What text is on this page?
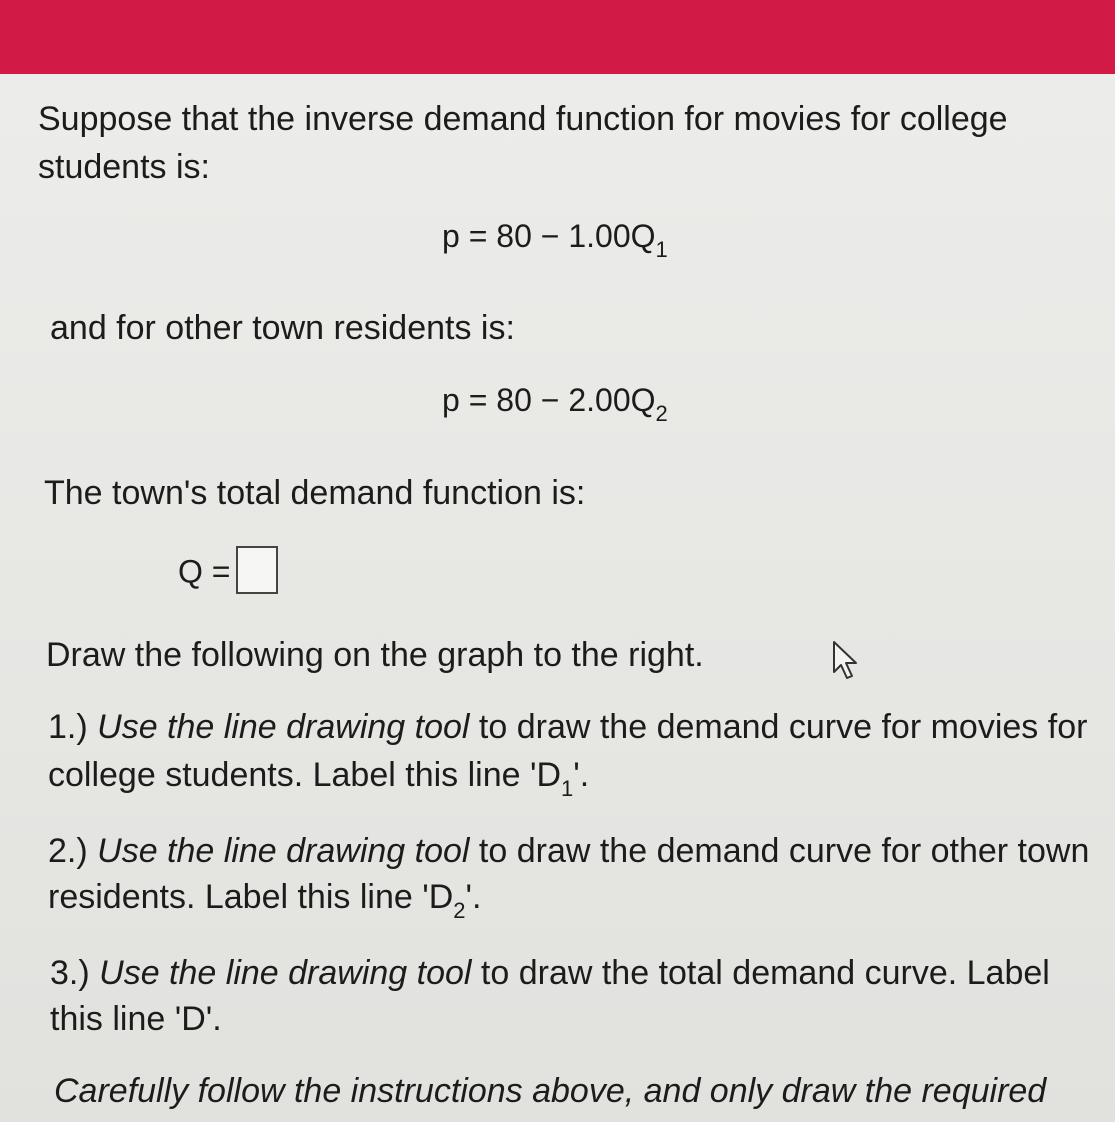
Suppose that the inverse demand function for movies for college
students is:
$p = 80 - 1.00Q_1$
and for other town residents is:
$p = 80 - 2.00Q_2$
The town's total demand function is:
Q =
Draw the following on the graph to the right.
1.) Use the line drawing tool to draw the demand curve for movies for
college students. Label this line '$D_1$'.
2.) Use the line drawing tool to draw the demand curve for other town
residents. Label this line '$D_2$'.
3.) Use the line drawing tool to draw the total demand curve. Label
this line 'D'.
Carefully follow the instructions above, and only draw the required
